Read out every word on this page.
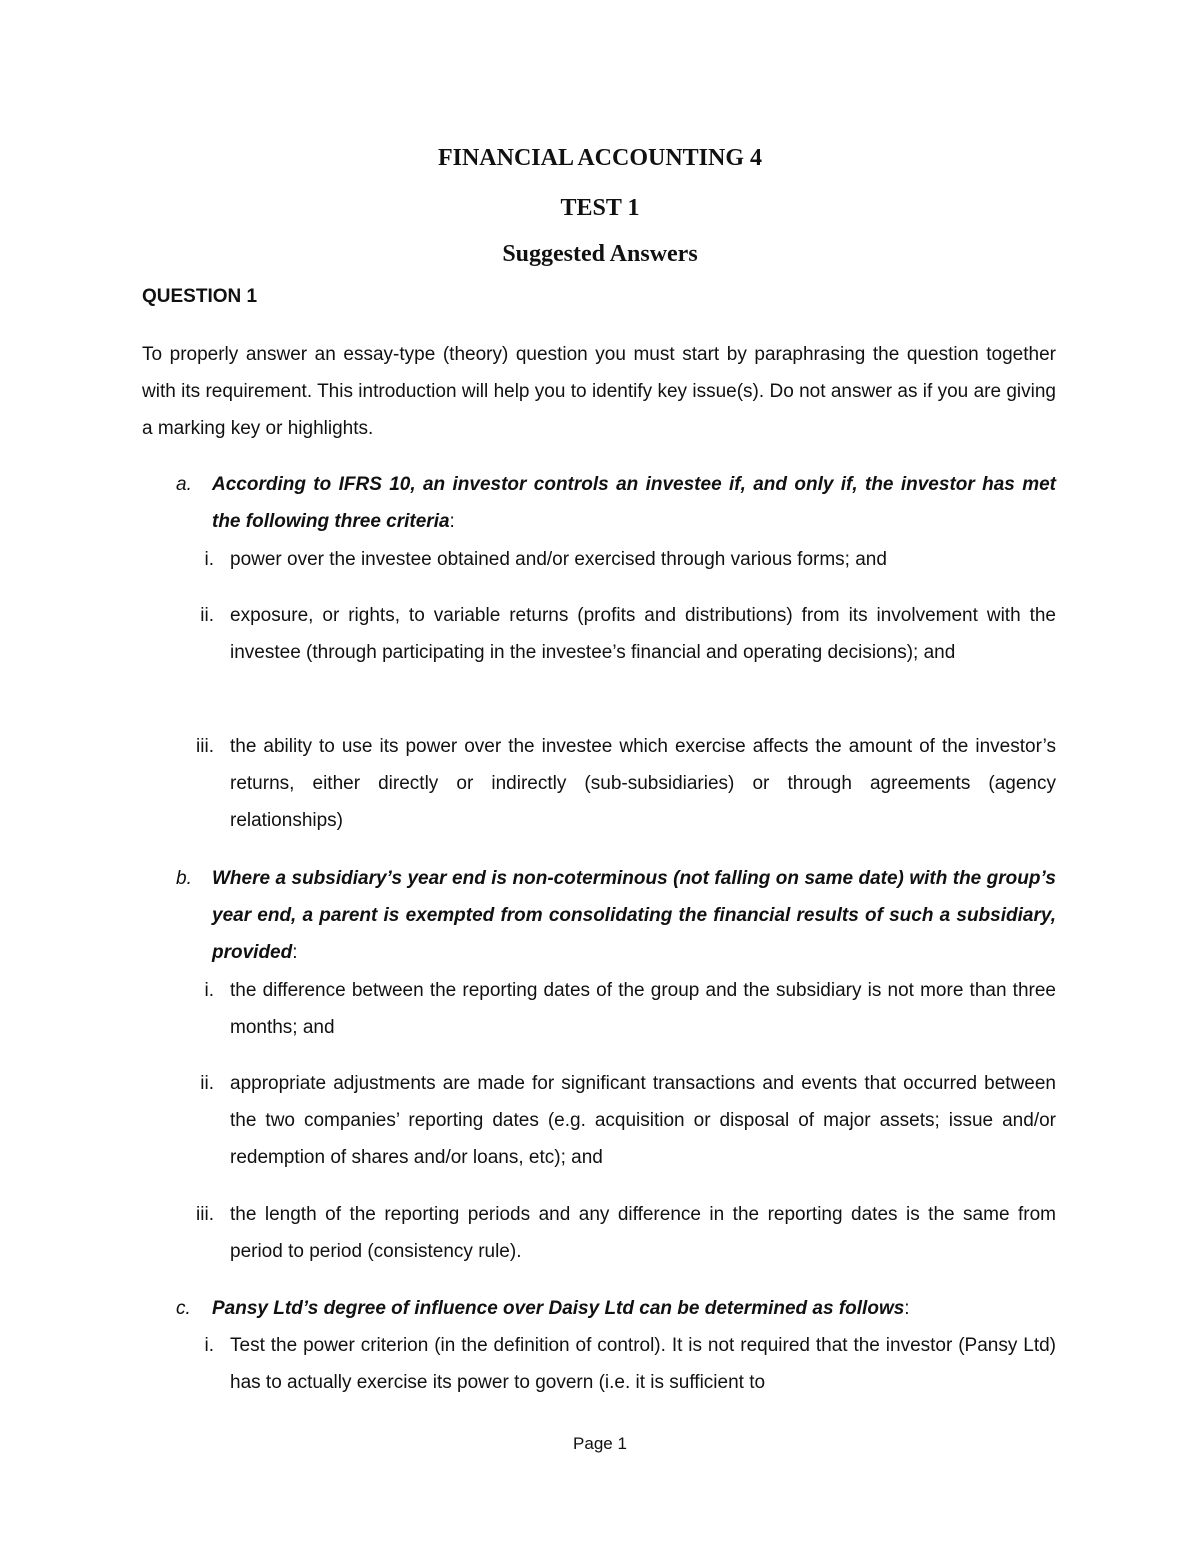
FINANCIAL ACCOUNTING 4
TEST 1
Suggested Answers
QUESTION 1
To properly answer an essay-type (theory) question you must start by paraphrasing the question together with its requirement. This introduction will help you to identify key issue(s). Do not answer as if you are giving a marking key or highlights.
a. According to IFRS 10, an investor controls an investee if, and only if, the investor has met the following three criteria:
i. power over the investee obtained and/or exercised through various forms; and
ii. exposure, or rights, to variable returns (profits and distributions) from its involvement with the investee (through participating in the investee’s financial and operating decisions); and
iii. the ability to use its power over the investee which exercise affects the amount of the investor’s returns, either directly or indirectly (sub-subsidiaries) or through agreements (agency relationships)
b. Where a subsidiary’s year end is non-coterminous (not falling on same date) with the group’s year end, a parent is exempted from consolidating the financial results of such a subsidiary, provided:
i. the difference between the reporting dates of the group and the subsidiary is not more than three months; and
ii. appropriate adjustments are made for significant transactions and events that occurred between the two companies’ reporting dates (e.g. acquisition or disposal of major assets; issue and/or redemption of shares and/or loans, etc); and
iii. the length of the reporting periods and any difference in the reporting dates is the same from period to period (consistency rule).
c. Pansy Ltd’s degree of influence over Daisy Ltd can be determined as follows:
i. Test the power criterion (in the definition of control). It is not required that the investor (Pansy Ltd) has to actually exercise its power to govern (i.e. it is sufficient to
Page 1
